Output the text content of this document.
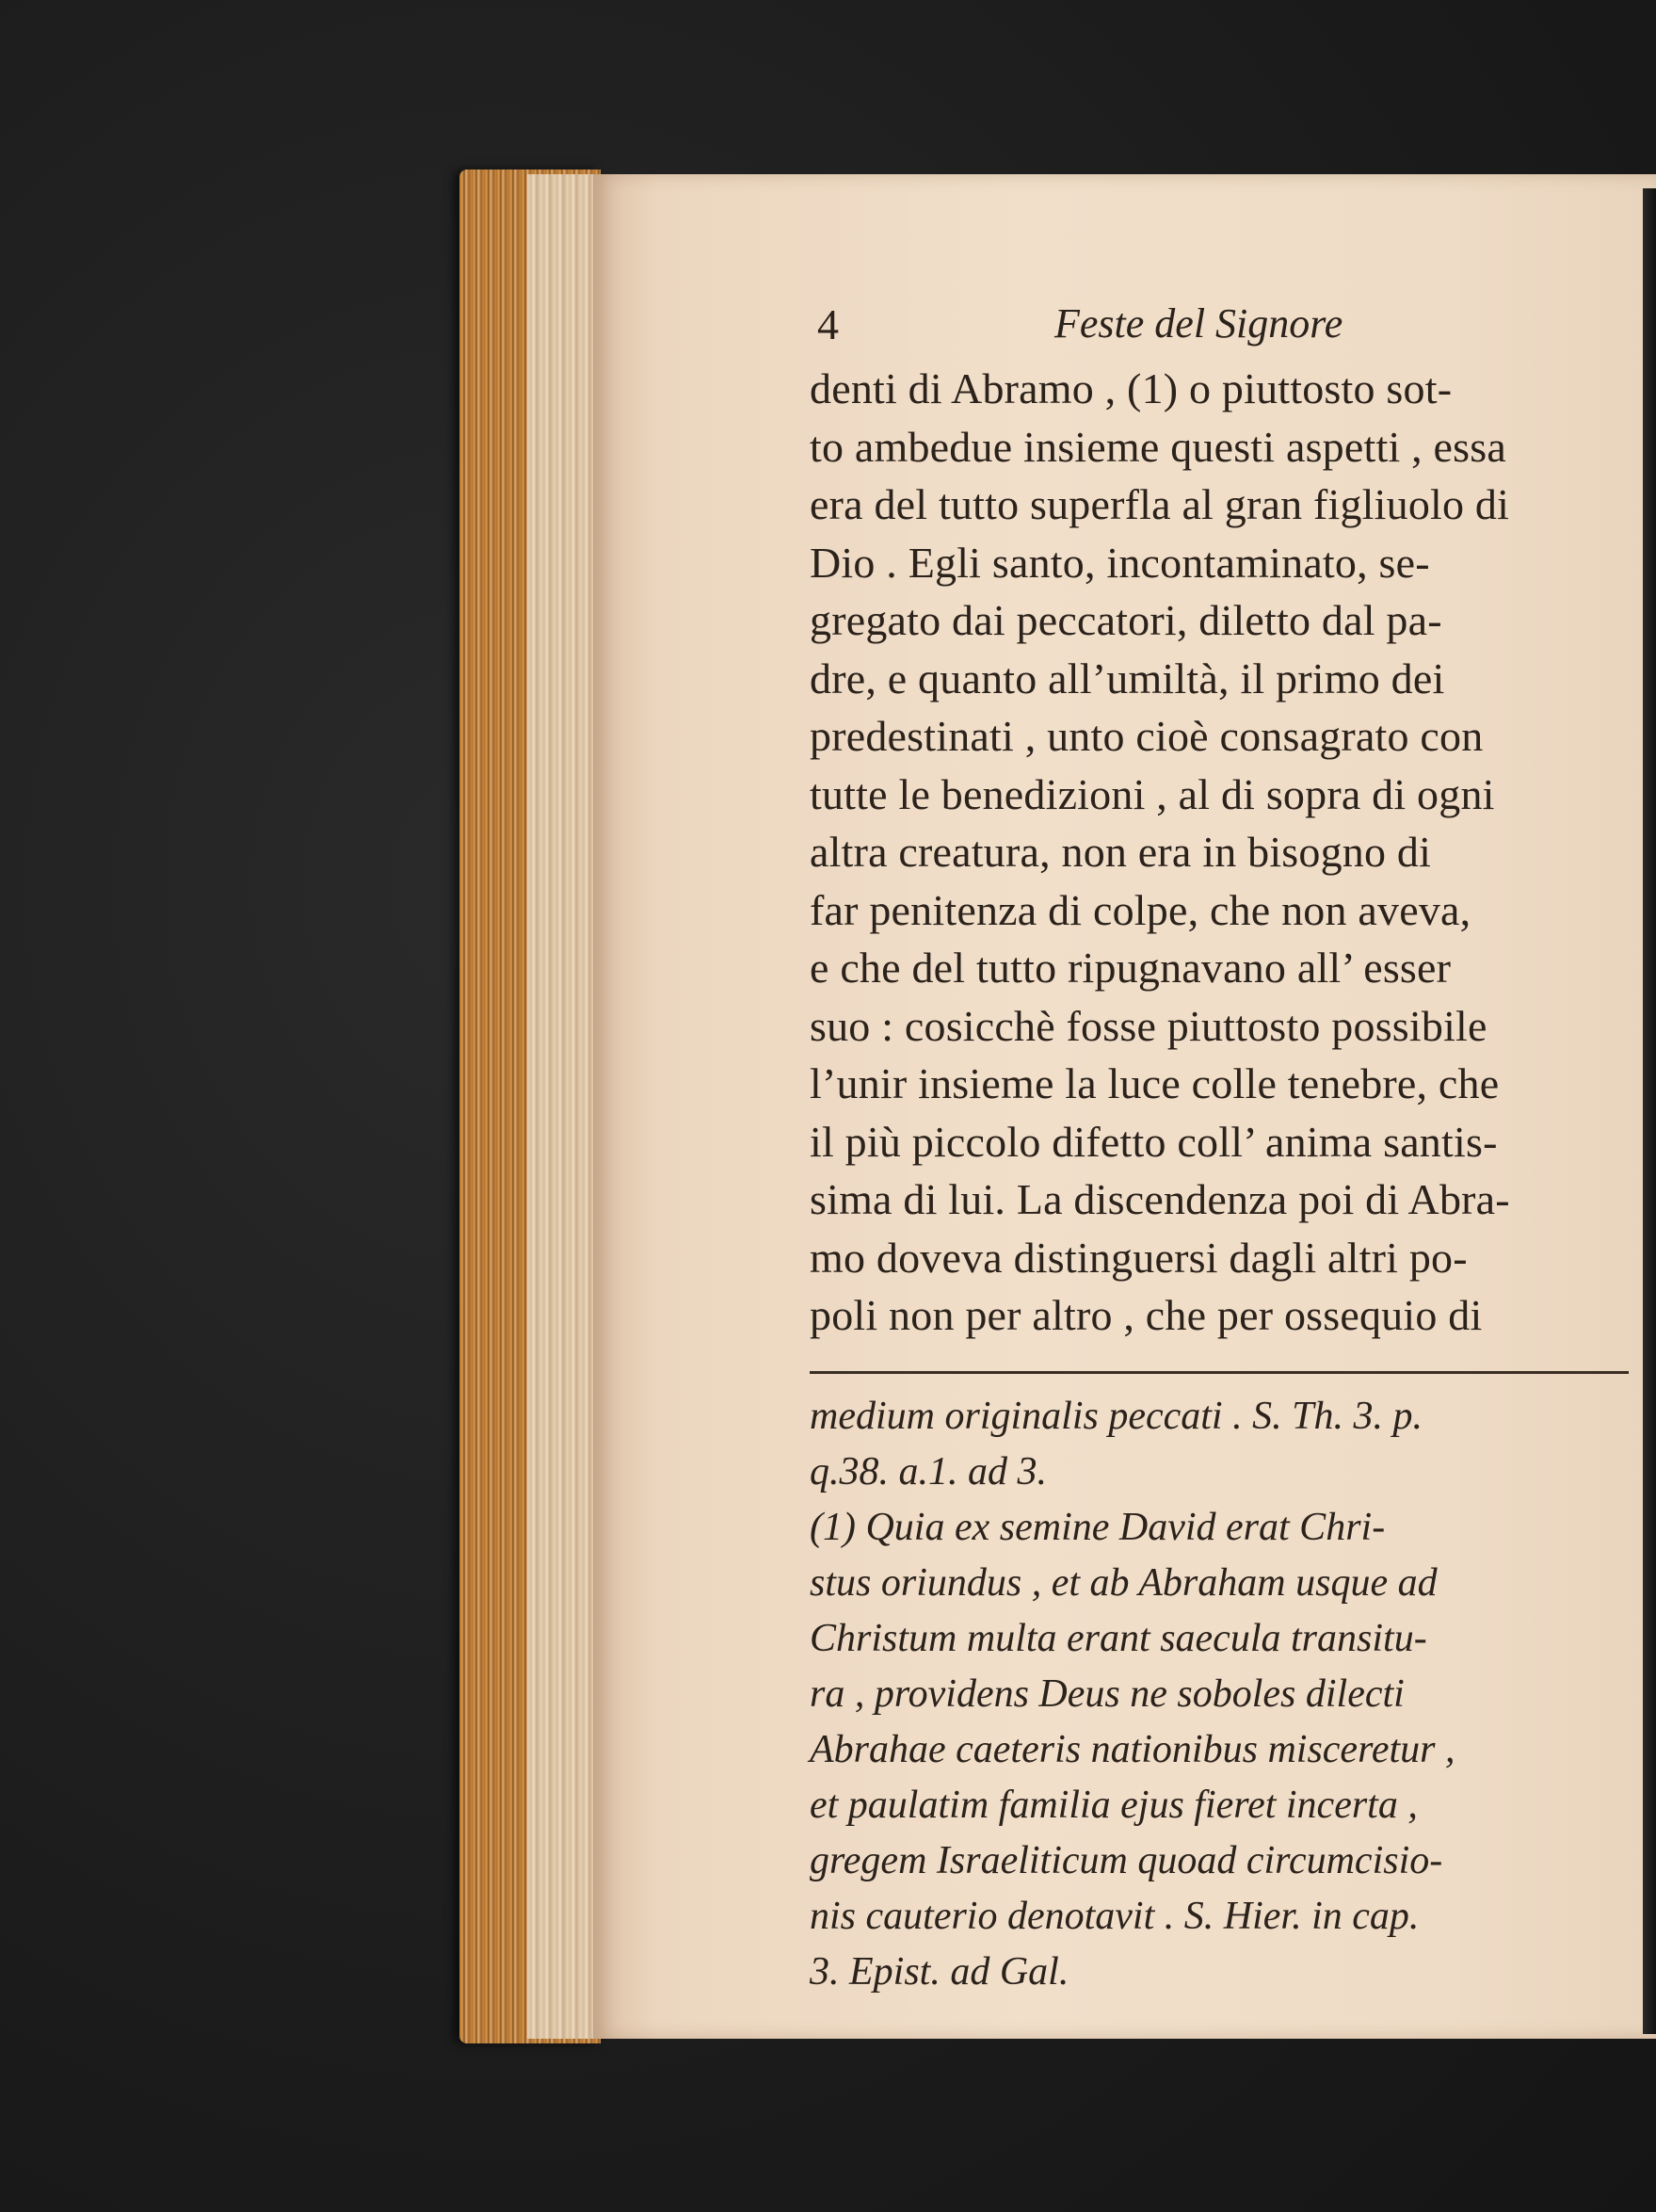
4	Feste del Signore
denti di Abramo , (1) o piuttosto sot-
to ambedue insieme questi aspetti , essa
era del tutto superfla al gran figliuolo di
Dio . Egli santo, incontaminato, se-
gregato dai peccatori, diletto dal pa-
dre, e quanto all’umiltà, il primo dei
predestinati , unto cioè consagrato con
tutte le benedizioni , al di sopra di ogni
altra creatura, non era in bisogno di
far penitenza di colpe, che non aveva,
e che del tutto ripugnavano all’ esser
suo : cosicchè fosse piuttosto possibile
l’unir insieme la luce colle tenebre, che
il più piccolo difetto coll’ anima santis-
sima di lui. La discendenza poi di Abra-
mo doveva distinguersi dagli altri po-
poli non per altro , che per ossequio di
medium originalis peccati . S. Th. 3. p.
q.38. a.1. ad 3.
(1) Quia ex semine David erat Chri-
stus oriundus , et ab Abraham usque ad
Christum multa erant saecula transitu-
ra , providens Deus ne soboles dilecti
Abrahae caeteris nationibus misceretur ,
et paulatim familia ejus fieret incerta ,
gregem Israeliticum quoad circumcisio-
nis cauterio denotavit . S. Hier. in cap.
3. Epist. ad Gal.
